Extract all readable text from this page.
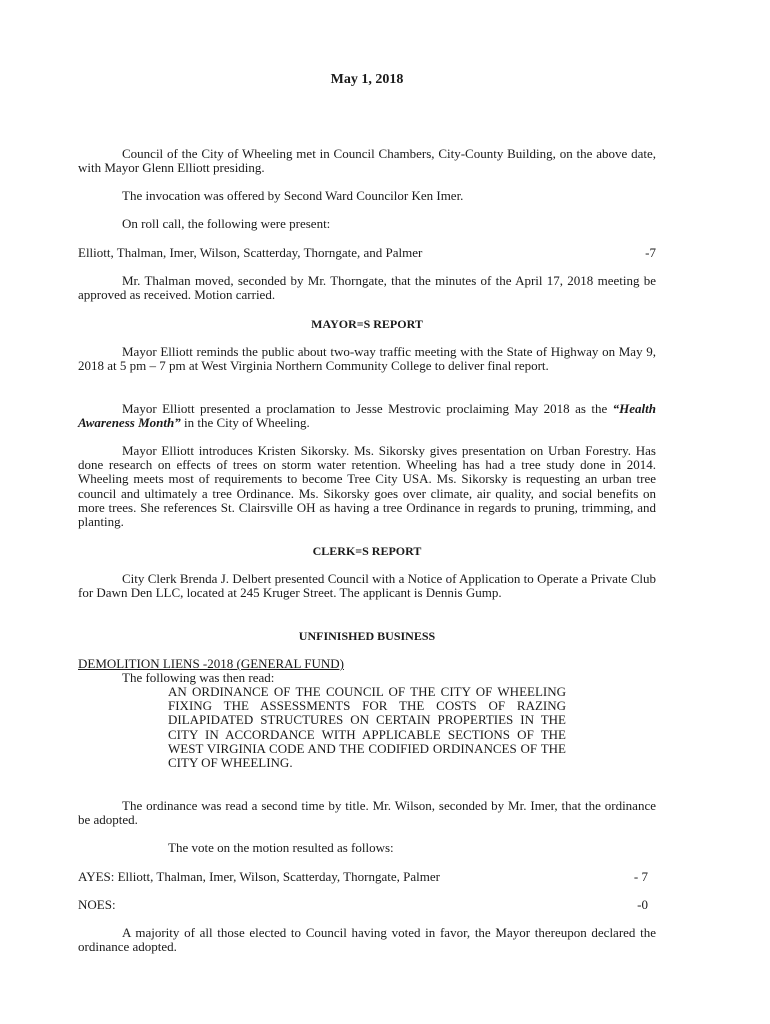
May 1, 2018
Council of the City of Wheeling met in Council Chambers, City-County Building, on the above date, with Mayor Glenn Elliott presiding.
The invocation was offered by Second Ward Councilor Ken Imer.
On roll call, the following were present:
Elliott, Thalman, Imer, Wilson, Scatterday, Thorngate, and Palmer	-7
Mr. Thalman moved, seconded by Mr. Thorngate, that the minutes of the April 17, 2018 meeting be approved as received. Motion carried.
MAYOR=S REPORT
Mayor Elliott reminds the public about two-way traffic meeting with the State of Highway on May 9, 2018 at 5 pm – 7 pm at West Virginia Northern Community College to deliver final report.
Mayor Elliott presented a proclamation to Jesse Mestrovic proclaiming May 2018 as the “Health Awareness Month” in the City of Wheeling.
Mayor Elliott introduces Kristen Sikorsky. Ms. Sikorsky gives presentation on Urban Forestry. Has done research on effects of trees on storm water retention. Wheeling has had a tree study done in 2014. Wheeling meets most of requirements to become Tree City USA. Ms. Sikorsky is requesting an urban tree council and ultimately a tree Ordinance. Ms. Sikorsky goes over climate, air quality, and social benefits on more trees. She references St. Clairsville OH as having a tree Ordinance in regards to pruning, trimming, and planting.
CLERK=S REPORT
City Clerk Brenda J. Delbert presented Council with a Notice of Application to Operate a Private Club for Dawn Den LLC, located at 245 Kruger Street. The applicant is Dennis Gump.
UNFINISHED BUSINESS
DEMOLITION LIENS -2018 (GENERAL FUND)
The following was then read:
AN ORDINANCE OF THE COUNCIL OF THE CITY OF WHEELING FIXING THE ASSESSMENTS FOR THE COSTS OF RAZING DILAPIDATED STRUCTURES ON CERTAIN PROPERTIES IN THE CITY IN ACCORDANCE WITH APPLICABLE SECTIONS OF THE WEST VIRGINIA CODE AND THE CODIFIED ORDINANCES OF THE CITY OF WHEELING.
The ordinance was read a second time by title. Mr. Wilson, seconded by Mr. Imer, that the ordinance be adopted.
The vote on the motion resulted as follows:
AYES: Elliott, Thalman, Imer, Wilson, Scatterday, Thorngate, Palmer	- 7
NOES:	-0
A majority of all those elected to Council having voted in favor, the Mayor thereupon declared the ordinance adopted.
